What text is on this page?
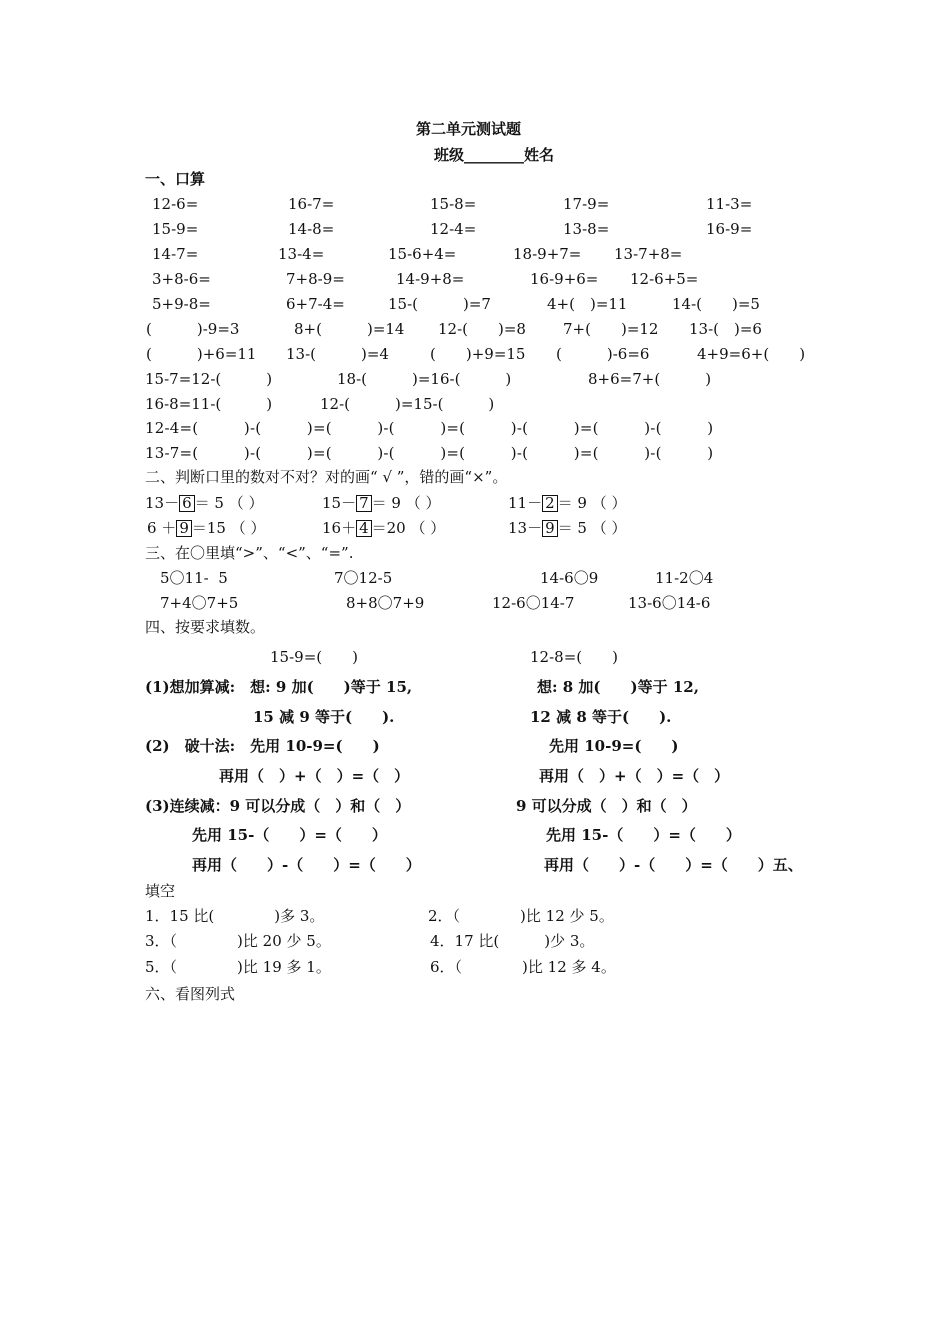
第二单元测试题
班级________姓名
一、口算
12-6=	16-7=	15-8=	17-9=	11-3=
15-9=	14-8=	12-4=	13-8=	16-9=
14-7=	13-4=	15-6+4=	18-9+7= 13-7+8=
3+8-6=	7+8-9=	14-9+8=	16-9+6= 12-6+5=
5+9-8=	6+7-4=	15-(　　　)=7	4+(　)=11	14-(　　)=5
(　　　)-9=3	8+(　　　)=14 12-(　　)=8 7+(　　)=12 13-(　)=6
(　　　)+6=11 13-(　　　)=4	(　　)+9=15 (　　　)-6=6	4+9=6+(　　)
15-7=12-(　　　)	18-(　　　)=16-(　　　)	8+6=7+(　　　)
16-8=11-(　　　)	12-(　　　)=15-(　　　)
12-4=(　　　)-(　　　)=(　　　)-(　　　)=(　　　)-(　　　)=(　　　)-(　　　)
13-7=(　　　)-(　　　)=(　　　)-(　　　)=(　　　)-(　　　)=(　　　)-(　　　)
二、判断口里的数对不对？对的画“ √ ”，错的画“×”。
13－ 6 ＝ 5 （ ）	15－ 7 ＝ 9 （ ）	11－ 2 ＝ 9 （ ）
6 ＋ 9 ＝15 （ ）	16＋ 4 ＝20 （ ）	13－ 9 ＝ 5 （ ）
三、在〇里填“>”、“<”、“=”.
5〇11-  5	7〇12-5	14-6〇9	11-2〇4
7+4〇7+5	8+8〇7+9	12-6〇14-7	13-6〇14-6
四、按要求填数。
15-9=(　　)	12-8=(　　)
(1)想加算减:　想: 9 加(　　)等于 15,	想: 8 加(　　)等于 12,
15 减 9 等于(　　).	12 减 8 等于(　　).
(2)　破十法:　先用 10-9=(　　)	先用 10-9=(　　)
再用（　）+（　）=（　）	再用（　）+（　）=（　）
(3)连续减：9 可以分成（　）和（　）	9 可以分成（　）和（　）
先用 15-（　　）=（　　）	先用 15-（　　）=（　　）
再用（　　）-（　　）=（　　）	再用（　　）-（　　）=（　　）五、
填空
1．15 比(　　　　)多 3。	2．（　　　　)比 12 少 5。
3．（　　　　)比 20 少 5。	4．17 比(　　　)少 3。
5．（　　　　)比 19 多 1。	6．（　　　　)比 12 多 4。
六、看图列式
